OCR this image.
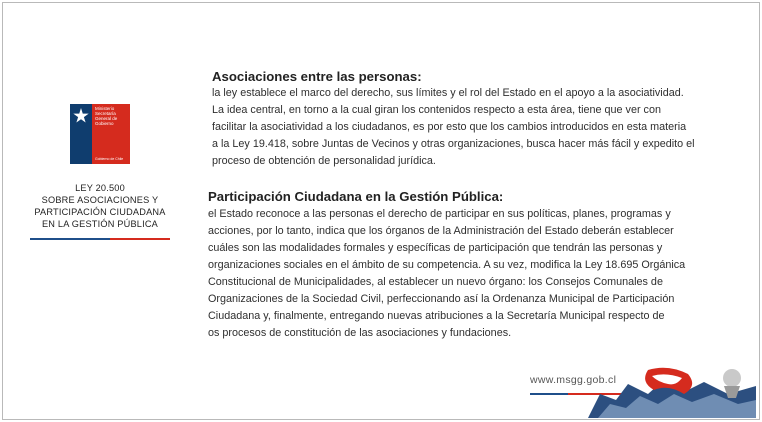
Ministerio Secretaría General de Gobierno
Gobierno de Chile
LEY 20.500
SOBRE ASOCIACIONES Y
PARTICIPACIÓN CIUDADANA
EN LA GESTIÓN PÚBLICA
Asociaciones entre las personas:
la ley establece el marco del derecho, sus límites y el rol del Estado en el apoyo a la asociatividad.
La idea central, en torno a la cual giran los contenidos respecto a esta área, tiene que ver con
facilitar la asociatividad a los ciudadanos, es por esto que los cambios introducidos en esta materia
a la Ley 19.418, sobre Juntas de Vecinos y otras organizaciones, busca hacer más fácil y expedito el
proceso de obtención de personalidad jurídica.
Participación Ciudadana en la Gestión Pública:
el Estado reconoce a las personas el derecho de participar en sus políticas, planes, programas y
acciones, por lo tanto, indica que los órganos de la Administración del Estado deberán establecer
cuáles son las modalidades formales y específicas de participación que tendrán las personas y
organizaciones sociales en el ámbito de su competencia. A su vez, modifica la Ley 18.695 Orgánica
Constitucional de Municipalidades, al establecer un nuevo órgano: los Consejos Comunales de
Organizaciones de la Sociedad Civil, perfeccionando así la Ordenanza Municipal de Participación
Ciudadana y, finalmente, entregando nuevas atribuciones a la Secretaría Municipal respecto de
os procesos de constitución de las asociaciones y fundaciones.
www.msgg.gob.cl
